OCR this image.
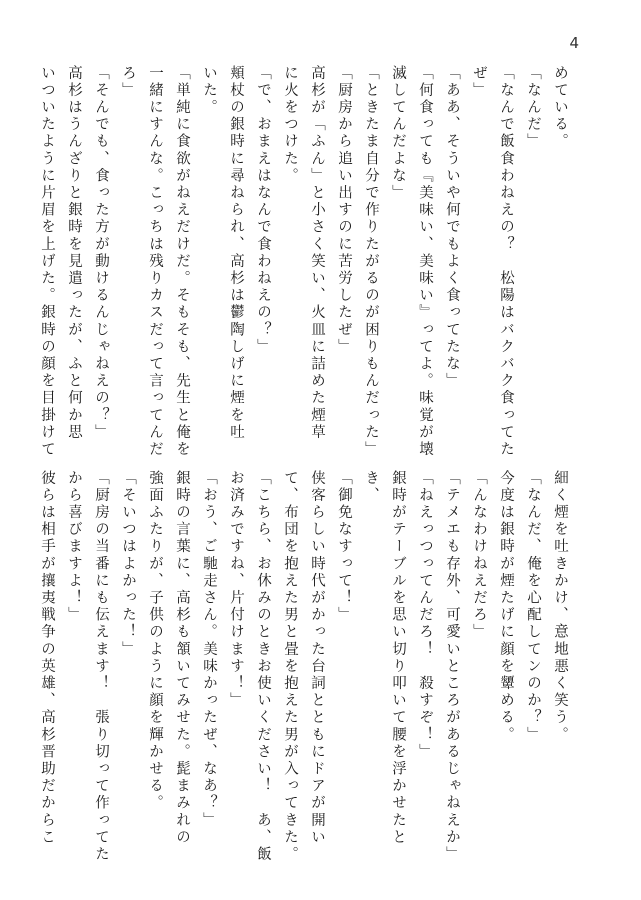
4
めている。
「なんだ」
「なんで飯食わねえの？　松陽はバクバク食ってた
ぜ」
「ああ、そういや何でもよく食ってたな」
「何食っても『美味い、美味い』ってよ。味覚が壊
滅してんだよな」
「ときたま自分で作りたがるのが困りもんだった」
「厨房から追い出すのに苦労したぜ」
高杉が「ふん」と小さく笑い、火皿に詰めた煙草
に火をつけた。
「で、おまえはなんで食わねえの？」
頬杖の銀時に尋ねられ、高杉は鬱陶しげに煙を吐
いた。
「単純に食欲がねえだけだ。そもそも、先生と俺を
一緒にすんな。こっちは残りカスだって言ってんだ
ろ」
「そんでも、食った方が動けるんじゃねえの？」
高杉はうんざりと銀時を見遣ったが、ふと何か思
いついたように片眉を上げた。銀時の顔を目掛けて
細く煙を吐きかけ、意地悪く笑う。
「なんだ、俺を心配してンのか？」
今度は銀時が煙たげに顔を顰める。
「んなわけねえだろ」
「テメエも存外、可愛いところがあるじゃねえか」
「ねえっつってんだろ！　殺すぞ！」
銀時がテーブルを思い切り叩いて腰を浮かせたと
き、
「御免なすって！」
侠客らしい時代がかった台詞とともにドアが開い
て、布団を抱えた男と畳を抱えた男が入ってきた。
「こちら、お休みのときお使いください！　あ、飯
お済みですね、片付けます！」
「おう、ご馳走さん。美味かったぜ、なあ？」
銀時の言葉に、高杉も頷いてみせた。髭まみれの
強面ふたりが、子供のように顔を輝かせる。
「そいつはよかった！」
「厨房の当番にも伝えます！　張り切って作ってた
から喜びますよ！」
彼らは相手が攘夷戦争の英雄、高杉晋助だからこ
